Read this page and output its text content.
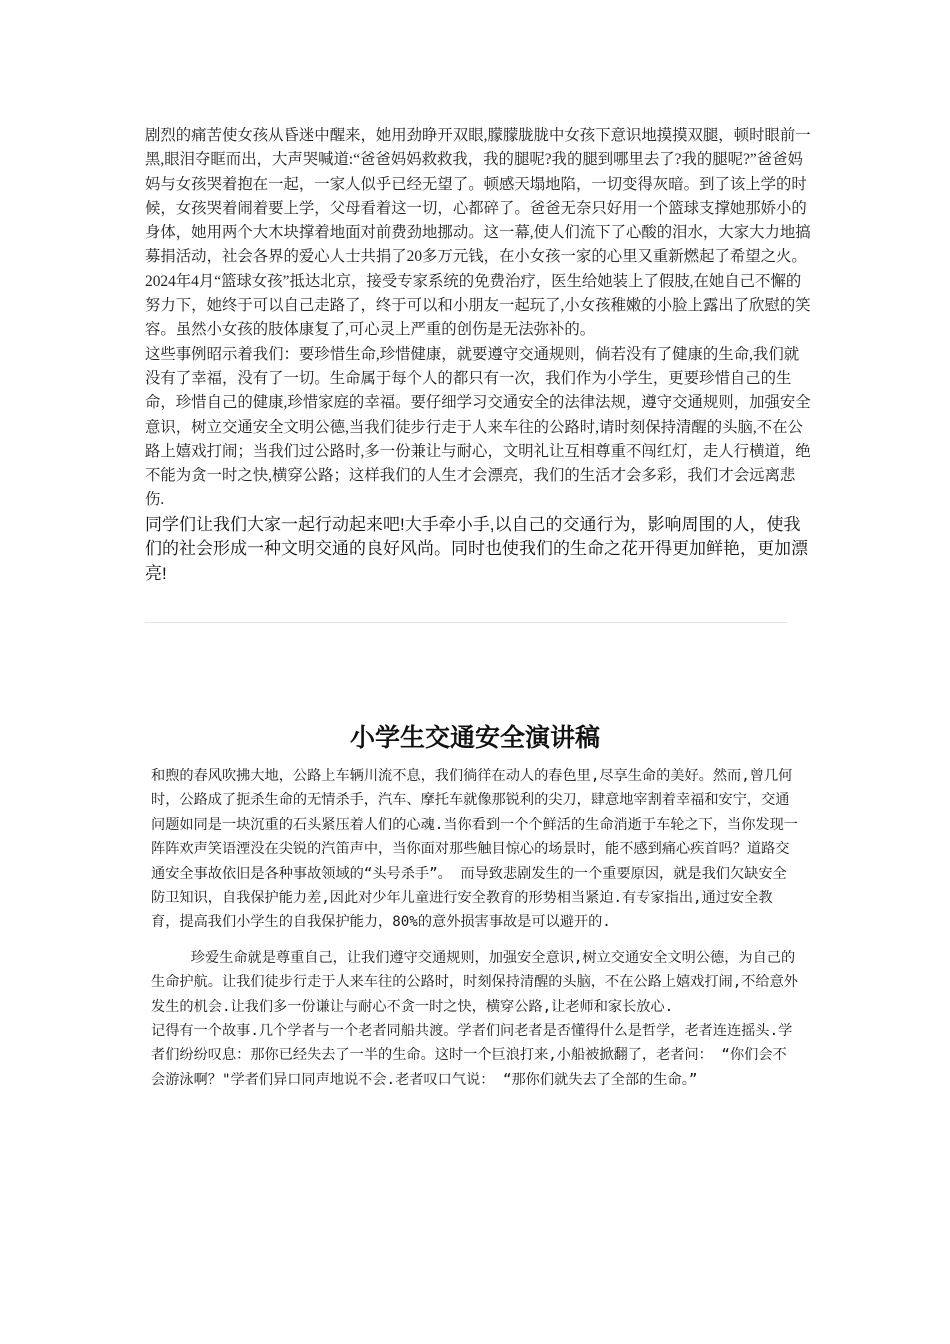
剧烈的痛苦使女孩从昏迷中醒来，她用劲睁开双眼,朦朦胧胧中女孩下意识地摸摸双腿，顿时眼前一黑,眼泪夺眶而出，大声哭喊道:“爸爸妈妈救救我，我的腿呢?我的腿到哪里去了?我的腿呢?”爸爸妈妈与女孩哭着抱在一起，一家人似乎已经无望了。顿感天塌地陷，一切变得灰暗。到了该上学的时候，女孩哭着闹着要上学，父母看着这一切，心都碎了。爸爸无奈只好用一个篮球支撑她那娇小的身体，她用两个大木块撑着地面对前费劲地挪动。这一幕,使人们流下了心酸的泪水，大家大力地搞募捐活动，社会各界的爱心人士共捐了20多万元钱，在小女孩一家的心里又重新燃起了希望之火。2024年4月“篮球女孩”抵达北京，接受专家系统的免费治疗，医生给她装上了假肢,在她自己不懈的努力下，她终于可以自己走路了，终于可以和小朋友一起玩了,小女孩稚嫩的小脸上露出了欣慰的笑容。虽然小女孩的肢体康复了,可心灵上严重的创伤是无法弥补的。

这些事例昭示着我们：要珍惜生命,珍惜健康，就要遵守交通规则，倘若没有了健康的生命,我们就没有了幸福，没有了一切。生命属于每个人的都只有一次，我们作为小学生，更要珍惜自己的生命，珍惜自己的健康,珍惜家庭的幸福。要仔细学习交通安全的法律法规，遵守交通规则，加强安全意识，树立交通安全文明公德,当我们徒步行走于人来车往的公路时,请时刻保持清醒的头脑,不在公路上嬉戏打闹；当我们过公路时,多一份兼让与耐心，文明礼让互相尊重不闯红灯，走人行横道，绝不能为贪一时之快,横穿公路；这样我们的人生才会漂亮，我们的生活才会多彩，我们才会远离悲伤.

同学们让我们大家一起行动起来吧!大手牵小手,以自己的交通行为，影响周围的人，使我们的社会形成一种文明交通的良好风尚。同时也使我们的生命之花开得更加鲜艳，更加漂亮!

小学生交通安全演讲稿

和煦的春风吹拂大地，公路上车辆川流不息，我们徜徉在动人的春色里,尽享生命的美好。然而,曾几何时，公路成了扼杀生命的无情杀手，汽车、摩托车就像那锐利的尖刀，肆意地宰割着幸福和安宁，交通问题如同是一块沉重的石头紧压着人们的心魂.当你看到一个个鲜活的生命消逝于车轮之下，当你发现一阵阵欢声笑语湮没在尖锐的汽笛声中，当你面对那些触目惊心的场景时，能不感到痛心疾首吗？道路交通安全事故依旧是各种事故领域的“头号杀手”。 而导致悲剧发生的一个重要原因，就是我们欠缺安全防卫知识，自我保护能力差,因此对少年儿童进行安全教育的形势相当紧迫.有专家指出,通过安全教育，提高我们小学生的自我保护能力，80%的意外损害事故是可以避开的.

珍爱生命就是尊重自己，让我们遵守交通规则，加强安全意识,树立交通安全文明公德，为自己的生命护航。让我们徒步行走于人来车往的公路时，时刻保持清醒的头脑，不在公路上嬉戏打闹,不给意外发生的机会.让我们多一份谦让与耐心不贪一时之快，横穿公路,让老师和家长放心.

记得有一个故事.几个学者与一个老者同船共渡。学者们问老者是否懂得什么是哲学，老者连连摇头.学者们纷纷叹息：那你已经失去了一半的生命。这时一个巨浪打来,小船被掀翻了，老者问： “你们会不会游泳啊？"学者们异口同声地说不会.老者叹口气说： “那你们就失去了全部的生命。”
